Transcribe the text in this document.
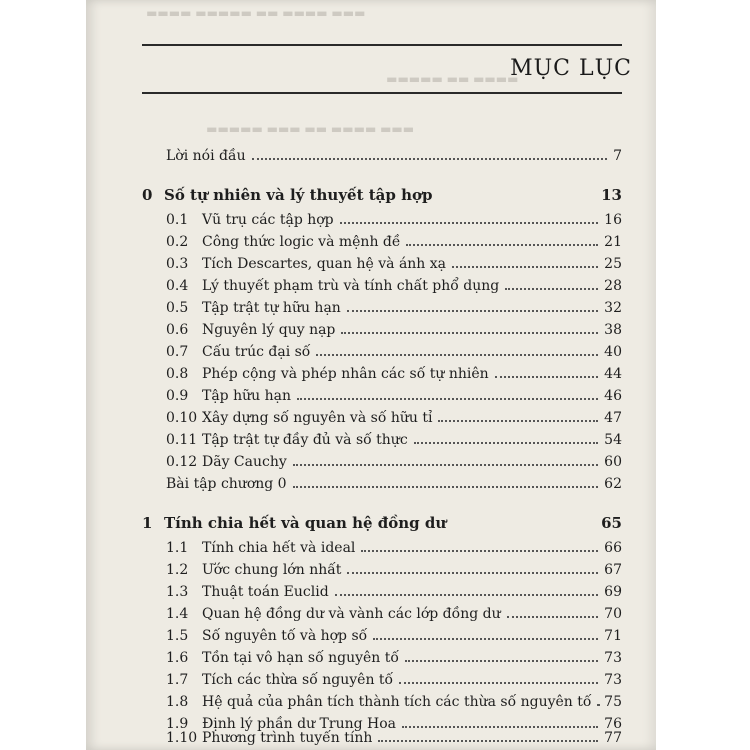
▬▬▬ ▬▬▬▬ ▬▬ ▬▬▬▬▬ ▬▬▬▬
▬▬▬▬ ▬▬ ▬▬▬▬▬
▬▬▬ ▬▬▬▬ ▬▬ ▬▬▬ ▬▬▬▬▬
MỤC LỤC
Lời nói đầu	7
0 Số tự nhiên và lý thuyết tập hợp	13
0.1 Vũ trụ các tập hợp	16
0.2 Công thức logic và mệnh đề	21
0.3 Tích Descartes, quan hệ và ánh xạ	25
0.4 Lý thuyết phạm trù và tính chất phổ dụng	28
0.5 Tập trật tự hữu hạn	32
0.6 Nguyên lý quy nạp	38
0.7 Cấu trúc đại số	40
0.8 Phép cộng và phép nhân các số tự nhiên	44
0.9 Tập hữu hạn	46
0.10 Xây dựng số nguyên và số hữu tỉ	47
0.11 Tập trật tự đầy đủ và số thực	54
0.12 Dãy Cauchy	60
Bài tập chương 0	62
1 Tính chia hết và quan hệ đồng dư	65
1.1 Tính chia hết và ideal	66
1.2 Ước chung lớn nhất	67
1.3 Thuật toán Euclid	69
1.4 Quan hệ đồng dư và vành các lớp đồng dư	70
1.5 Số nguyên tố và hợp số	71
1.6 Tồn tại vô hạn số nguyên tố	73
1.7 Tích các thừa số nguyên tố	73
1.8 Hệ quả của phân tích thành tích các thừa số nguyên tố 75
1.9 Định lý phần dư Trung Hoa	76
1.10 Phương trình tuyến tính	77
